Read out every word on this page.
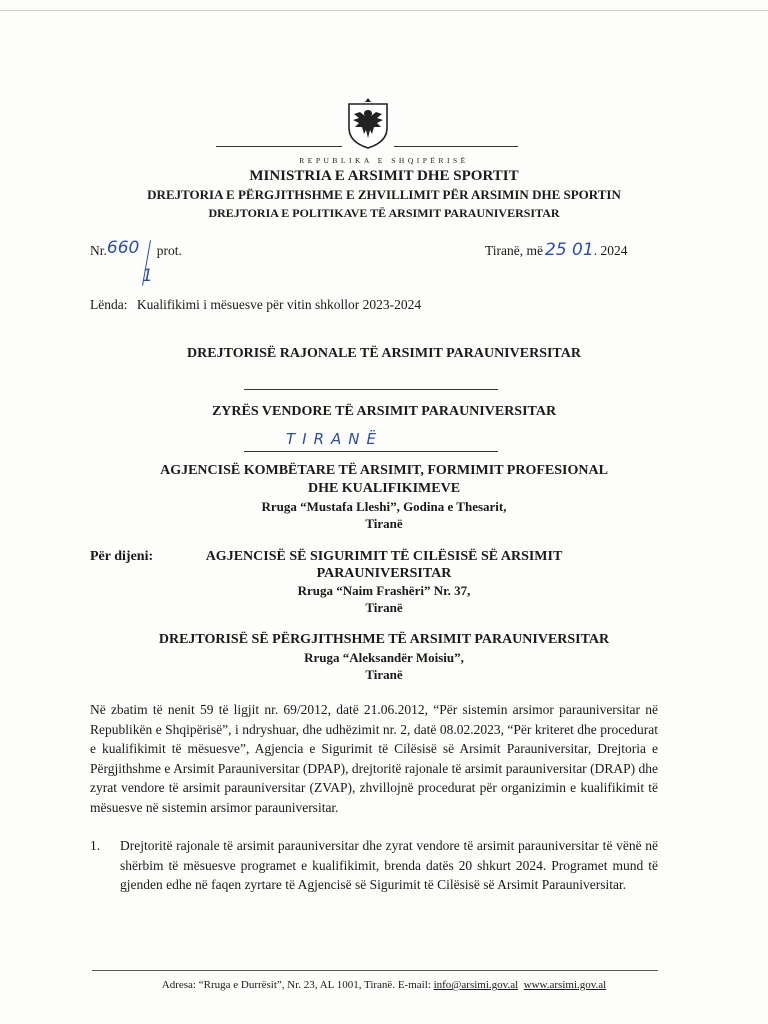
REPUBLIKA E SHQIPËRISË
MINISTRIA E ARSIMIT DHE SPORTIT
DREJTORIA E PËRGJITHSHME E ZHVILLIMIT PËR ARSIMIN DHE SPORTIN
DREJTORIA E POLITIKAVE TË ARSIMIT PARAUNIVERSITAR
Nr.660
1
prot.	Tiranë, më 25 01. 2024
Lënda: Kualifikimi i mësuesve për vitin shkollor 2023-2024
DREJTORISË RAJONALE TË ARSIMIT PARAUNIVERSITAR
ZYRËS VENDORE TË ARSIMIT PARAUNIVERSITAR
TIRANË
AGJENCISË KOMBËTARE TË ARSIMIT, FORMIMIT PROFESIONAL
DHE KUALIFIKIMEVE
Rruga “Mustafa Lleshi”, Godina e Thesarit,
Tiranë
Për dijeni:	AGJENCISË SË SIGURIMIT TË CILËSISË SË ARSIMIT
PARAUNIVERSITAR
Rruga “Naim Frashëri” Nr. 37,
Tiranë
DREJTORISË SË PËRGJITHSHME TË ARSIMIT PARAUNIVERSITAR
Rruga “Aleksandër Moisiu”,
Tiranë
Në zbatim të nenit 59 të ligjit nr. 69/2012, datë 21.06.2012, “Për sistemin arsimor parauniversitar në Republikën e Shqipërisë”, i ndryshuar, dhe udhëzimit nr. 2, datë 08.02.2023, “Për kriteret dhe procedurat e kualifikimit të mësuesve”, Agjencia e Sigurimit të Cilësisë së Arsimit Parauniversitar, Drejtoria e Përgjithshme e Arsimit Parauniversitar (DPAP), drejtoritë rajonale të arsimit parauniversitar (DRAP) dhe zyrat vendore të arsimit parauniversitar (ZVAP), zhvillojnë procedurat për organizimin e kualifikimit të mësuesve në sistemin arsimor parauniversitar.
1. Drejtoritë rajonale të arsimit parauniversitar dhe zyrat vendore të arsimit parauniversitar të vënë në shërbim të mësuesve programet e kualifikimit, brenda datës 20 shkurt 2024. Programet mund të gjenden edhe në faqen zyrtare të Agjencisë së Sigurimit të Cilësisë së Arsimit Parauniversitar.
Adresa: “Rruga e Durrësit”, Nr. 23, AL 1001, Tiranë. E-mail: info@arsimi.gov.al www.arsimi.gov.al
